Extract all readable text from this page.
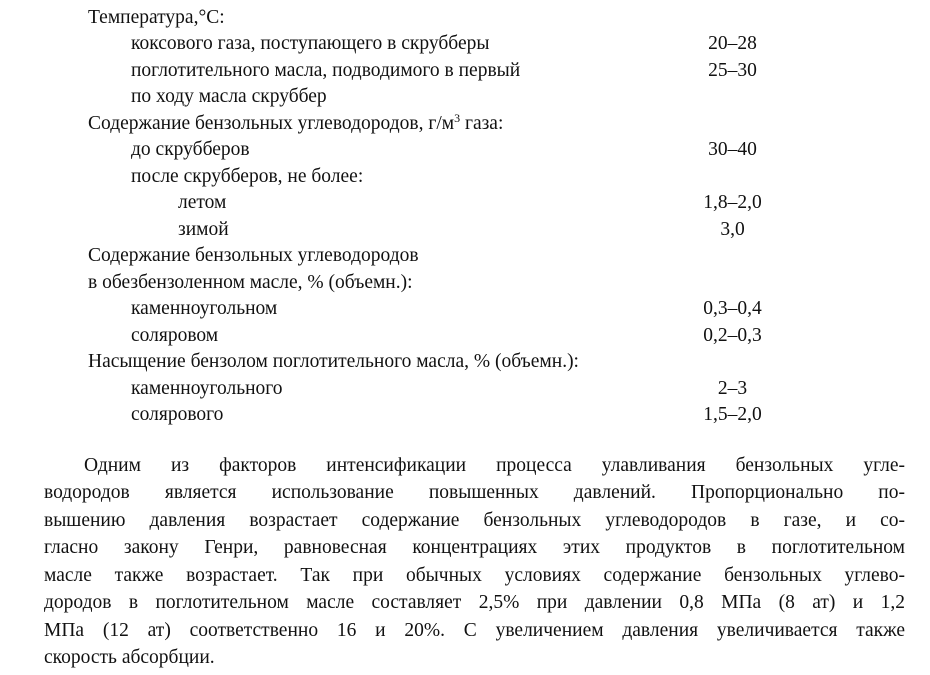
Температура,°C:
коксового газа, поступающего в скрубберы	20–28
поглотительного масла, подводимого в первый	25–30
по ходу масла скруббер
Содержание бензольных углеводородов, $г/м^3$ газа:
до скрубберов	30–40
после скрубберов, не более:
летом	1,8–2,0
зимой	3,0
Содержание бензольных углеводородов
в обезбензоленном масле, % (объемн.):
каменноугольном	0,3–0,4
соляровом	0,2–0,3
Насыщение бензолом поглотительного масла, % (объемн.):
каменноугольного	2–3
солярового	1,5–2,0
Одним из факторов интенсификации процесса улавливания бензольных угле-
водородов является использование повышенных давлений. Пропорционально по-
вышению давления возрастает содержание бензольных углеводородов в газе, и со-
гласно закону Генри, равновесная концентрациях этих продуктов в поглотительном
масле также возрастает. Так при обычных условиях содержание бензольных углево-
дородов в поглотительном масле составляет 2,5% при давлении 0,8 МПа (8 ат) и 1,2
МПа (12 ат) соответственно 16 и 20%. С увеличением давления увеличивается также
скорость абсорбции.
